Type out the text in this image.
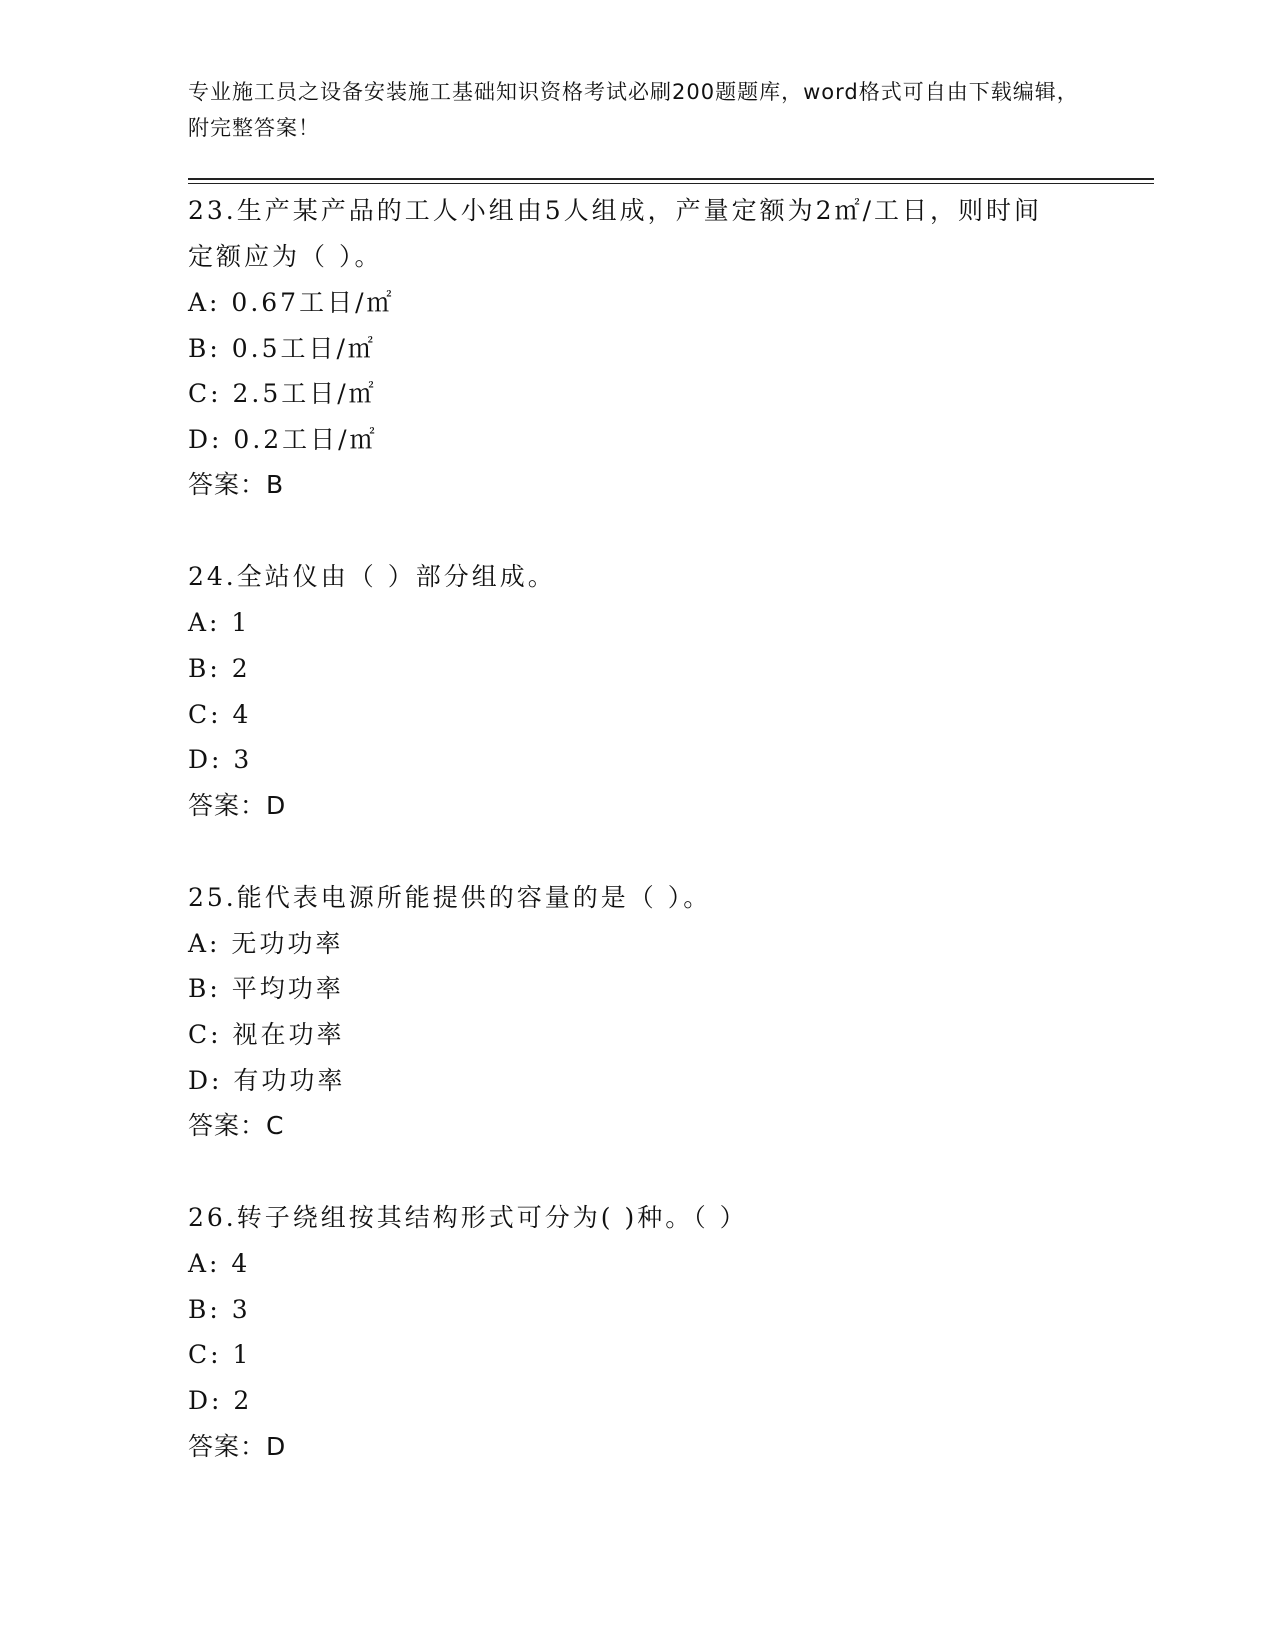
专业施工员之设备安装施工基础知识资格考试必刷200题题库，word格式可自由下载编辑，附完整答案！
23.生产某产品的工人小组由5人组成，产量定额为2㎡/工日，则时间
定额应为（ ）。
A: 0.67工日/㎡
B: 0.5工日/㎡
C: 2.5工日/㎡
D: 0.2工日/㎡
答案：B
24.全站仪由（ ）部分组成。
A: 1
B: 2
C: 4
D: 3
答案：D
25.能代表电源所能提供的容量的是（ ）。
A: 无功功率
B: 平均功率
C: 视在功率
D: 有功功率
答案：C
26.转子绕组按其结构形式可分为( )种。（ ）
A: 4
B: 3
C: 1
D: 2
答案：D
